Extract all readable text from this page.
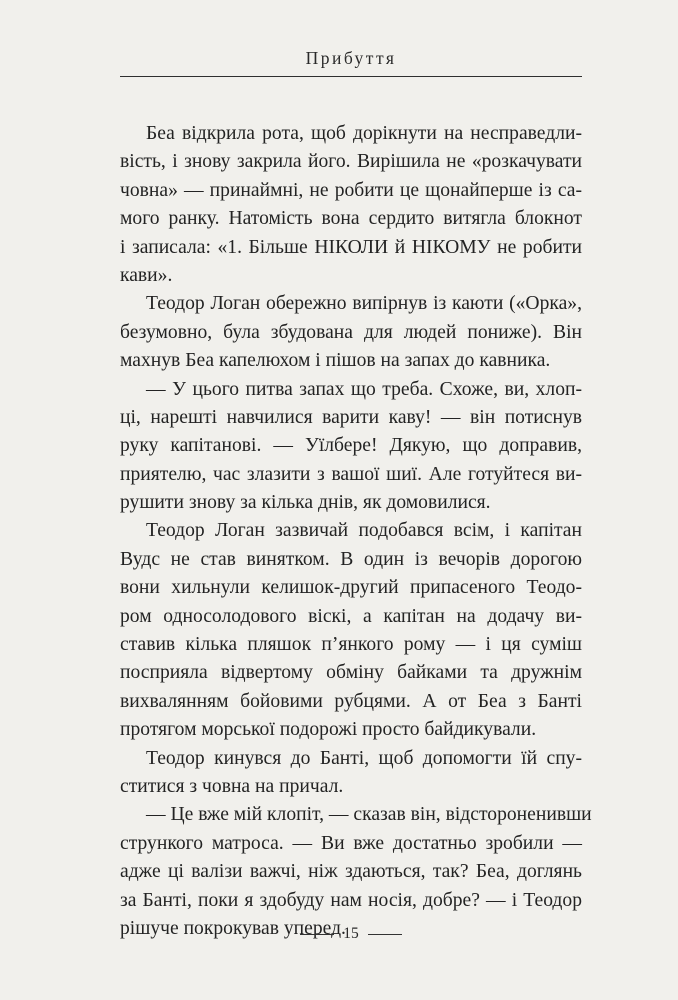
Прибуття
Беа відкрила рота, щоб дорікнути на несправедли-
вість, і знову закрила його. Вирішила не «розкачувати
човна» — принаймні, не робити це щонайперше із са-
мого ранку. Натомість вона сердито витягла блокнот
і записала: «1. Більше НІКОЛИ й НІКОМУ не робити
кави».
Теодор Логан обережно випірнув із каюти («Орка»,
безумовно, була збудована для людей пониже). Він
махнув Беа капелюхом і пішов на запах до кавника.
— У цього питва запах що треба. Схоже, ви, хлоп-
ці, нарешті навчилися варити каву! — він потиснув
руку капітанові. — Уїлбере! Дякую, що доправив,
приятелю, час злазити з вашої шиї. Але готуйтеся ви-
рушити знову за кілька днів, як домовилися.
Теодор Логан зазвичай подобався всім, і капітан
Вудс не став винятком. В один із вечорів дорогою
вони хильнули келишок-другий припасеного Теодо-
ром односолодового віскі, а капітан на додачу ви-
ставив кілька пляшок п’янкого рому — і ця суміш
посприяла відвертому обміну байками та дружнім
вихвалянням бойовими рубцями. А от Беа з Банті
протягом морської подорожі просто байдикували.
Теодор кинувся до Банті, щоб допомогти їй спу-
ститися з човна на причал.
— Це вже мій клопіт, — сказав він, відстороненивши
стрункого матроса. — Ви вже достатньо зробили —
адже ці валізи важчі, ніж здаються, так? Беа, доглянь
за Банті, поки я здобуду нам носія, добре? — і Теодор
рішуче покрокував уперед.
15
